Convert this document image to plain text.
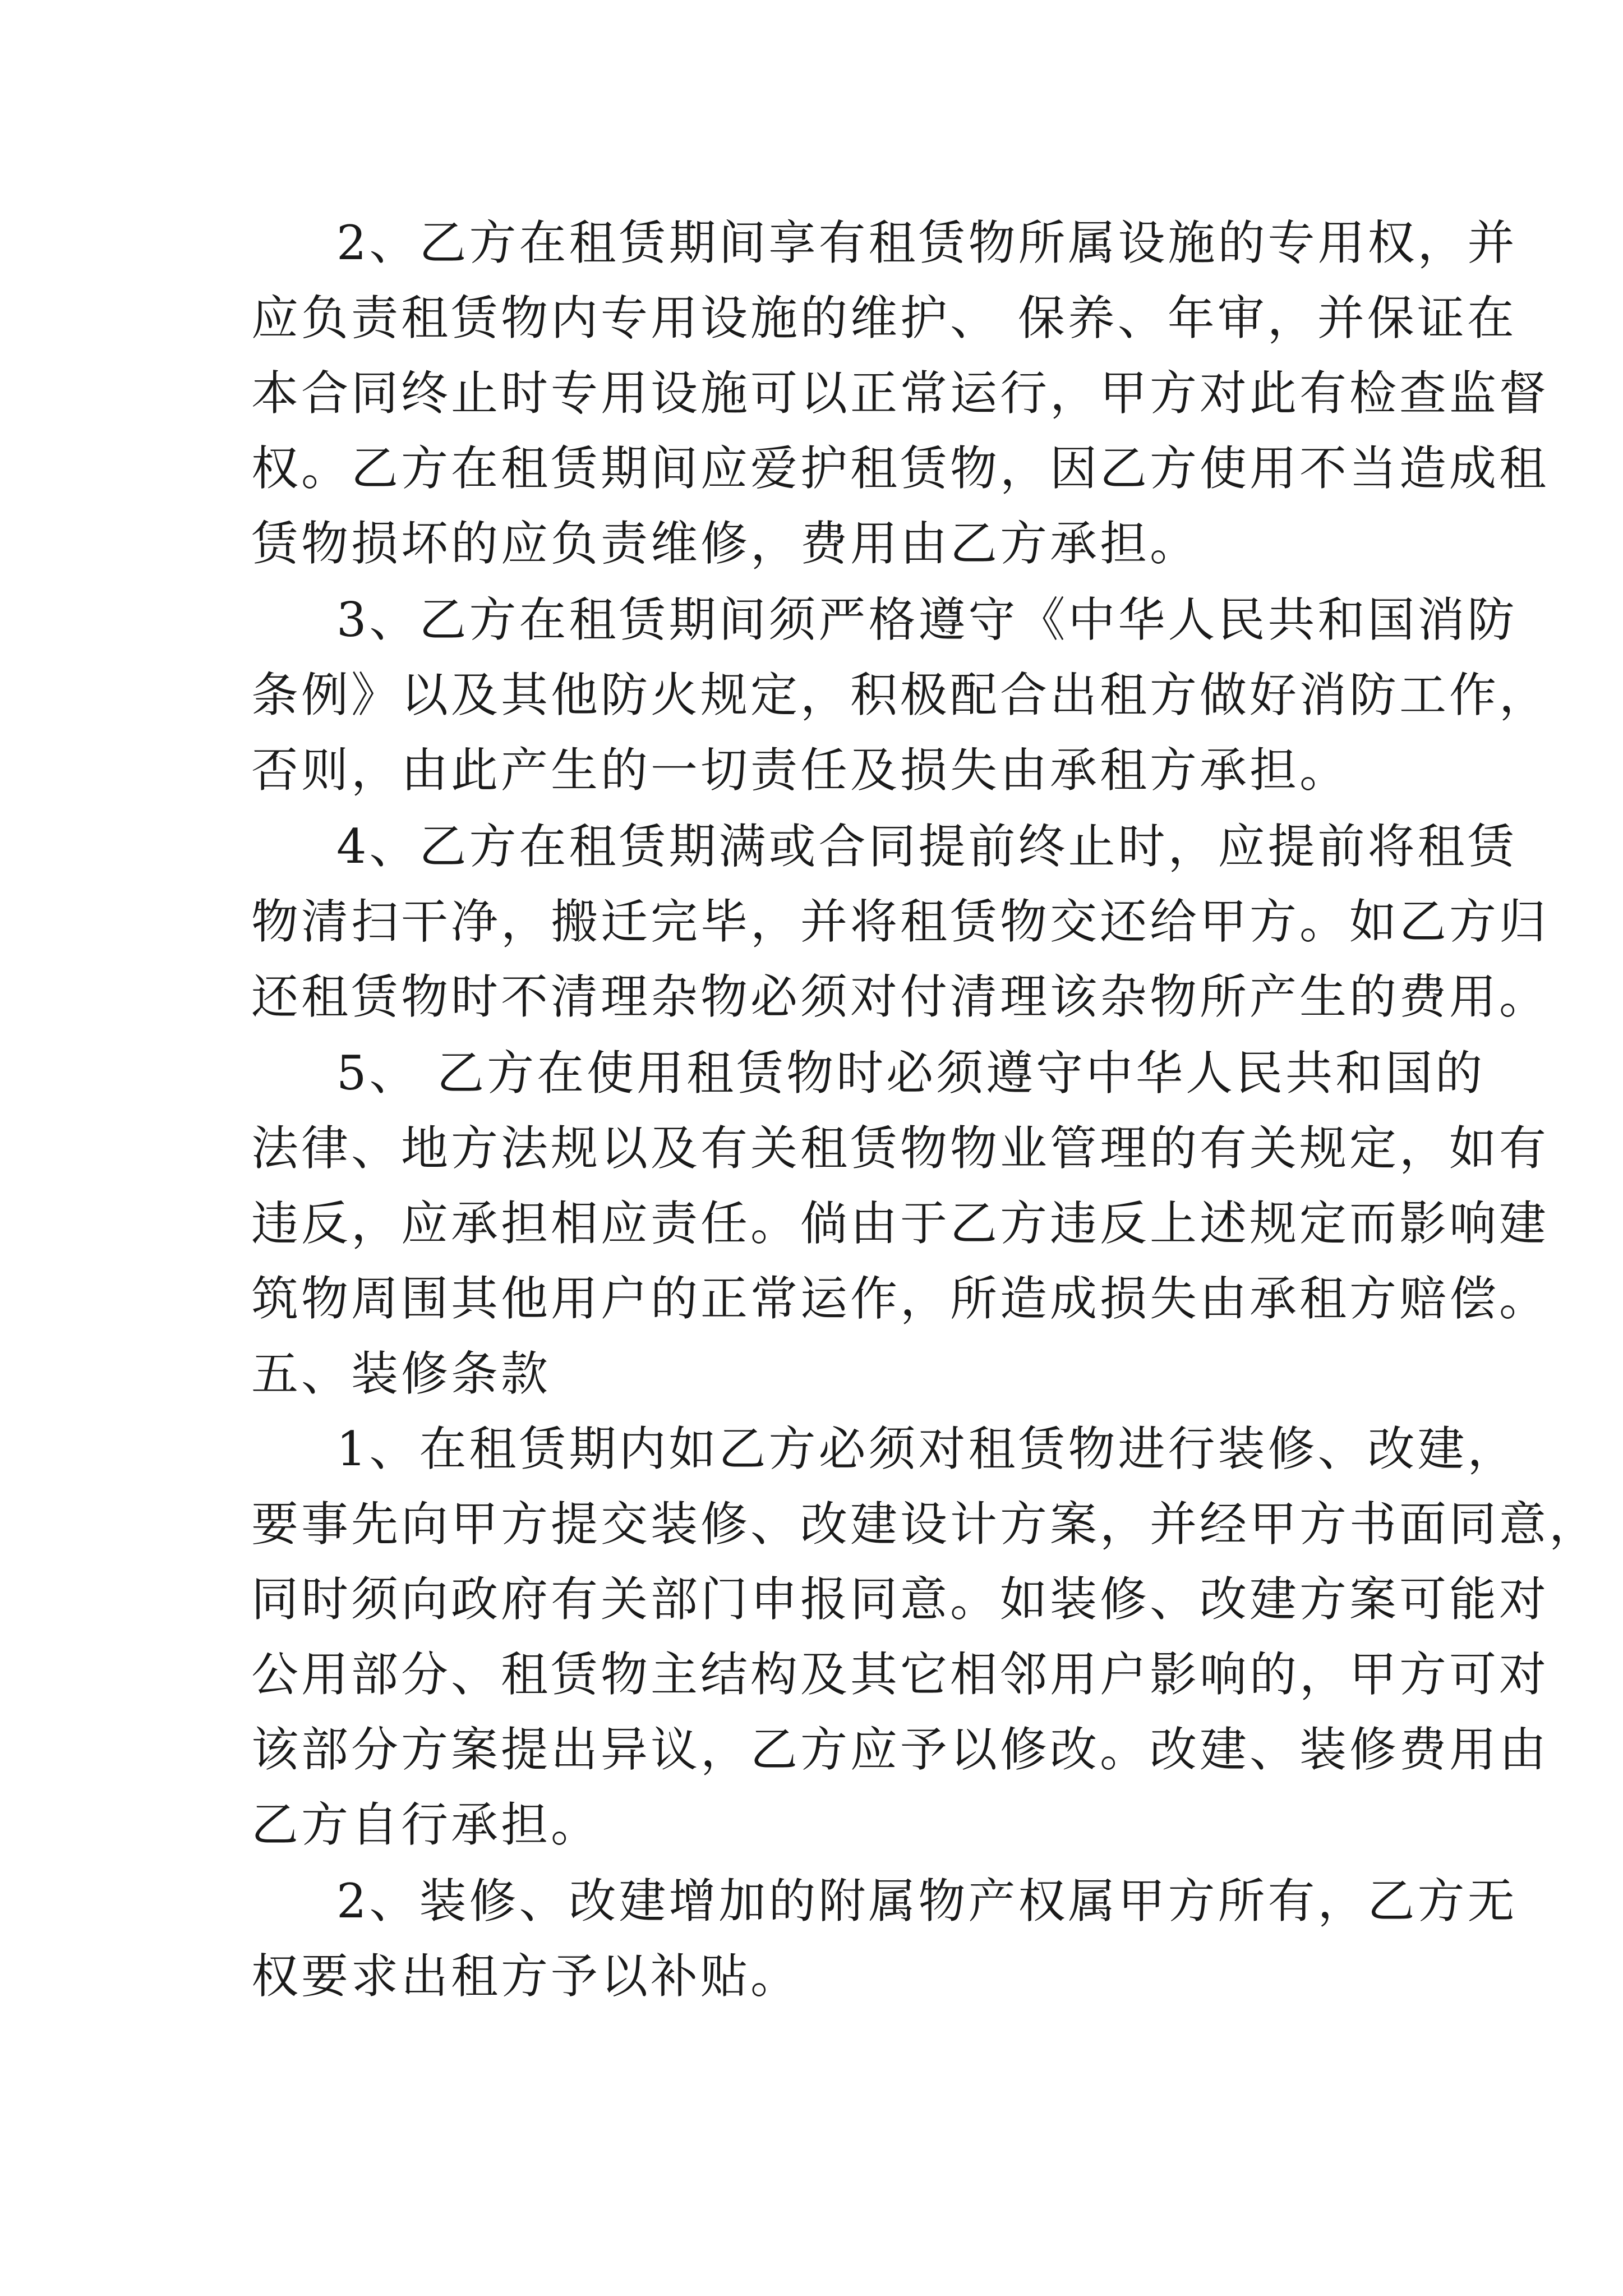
2、乙方在租赁期间享有租赁物所属设施的专用权，并
应负责租赁物内专用设施的维护、 保养、年审，并保证在
本合同终止时专用设施可以正常运行，甲方对此有检查监督
权。乙方在租赁期间应爱护租赁物，因乙方使用不当造成租
赁物损坏的应负责维修，费用由乙方承担。
3、乙方在租赁期间须严格遵守《中华人民共和国消防
条例》以及其他防火规定，积极配合出租方做好消防工作，
否则，由此产生的一切责任及损失由承租方承担。
4、乙方在租赁期满或合同提前终止时，应提前将租赁
物清扫干净，搬迁完毕，并将租赁物交还给甲方。如乙方归
还租赁物时不清理杂物必须对付清理该杂物所产生的费用。
5、 乙方在使用租赁物时必须遵守中华人民共和国的
法律、地方法规以及有关租赁物物业管理的有关规定，如有
违反，应承担相应责任。倘由于乙方违反上述规定而影响建
筑物周围其他用户的正常运作，所造成损失由承租方赔偿。
五、装修条款
1、在租赁期内如乙方必须对租赁物进行装修、改建，
要事先向甲方提交装修、改建设计方案，并经甲方书面同意，
同时须向政府有关部门申报同意。如装修、改建方案可能对
公用部分、租赁物主结构及其它相邻用户影响的，甲方可对
该部分方案提出异议，乙方应予以修改。改建、装修费用由
乙方自行承担。
2、装修、改建增加的附属物产权属甲方所有，乙方无
权要求出租方予以补贴。
